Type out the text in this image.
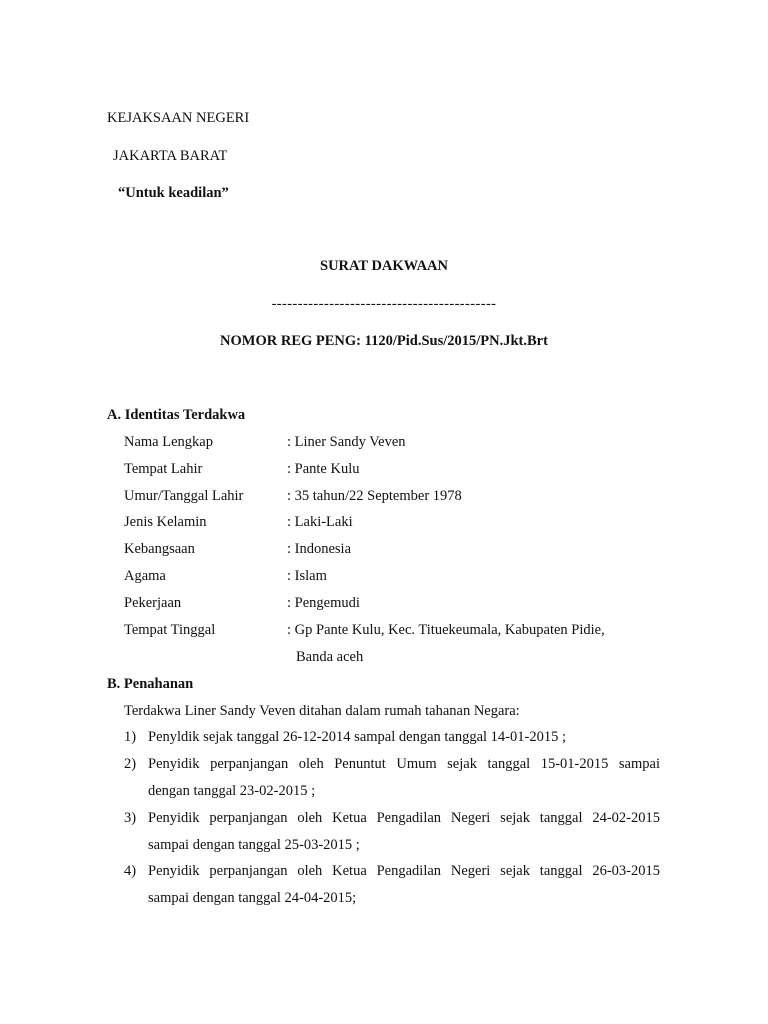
KEJAKSAAN NEGERI
JAKARTA BARAT
“Untuk keadilan”
SURAT DAKWAAN
-------------------------------------------
NOMOR REG PENG: 1120/Pid.Sus/2015/PN.Jkt.Brt
A. Identitas Terdakwa
Nama Lengkap	: Liner Sandy Veven
Tempat Lahir	: Pante Kulu
Umur/Tanggal Lahir	: 35 tahun/22 September 1978
Jenis Kelamin	: Laki-Laki
Kebangsaan	: Indonesia
Agama	: Islam
Pekerjaan	: Pengemudi
Tempat Tinggal	: Gp Pante Kulu, Kec. Tituekeumala, Kabupaten Pidie,
Banda aceh
B. Penahanan
Terdakwa Liner Sandy Veven ditahan dalam rumah tahanan Negara:
1) Penyldik sejak tanggal 26-12-2014 sampal dengan tanggal 14-01-2015 ;
2) Penyidik perpanjangan oleh Penuntut Umum sejak tanggal 15-01-2015 sampai
dengan tanggal 23-02-2015 ;
3) Penyidik perpanjangan oleh Ketua Pengadilan Negeri sejak tanggal 24-02-2015
sampai dengan tanggal 25-03-2015 ;
4) Penyidik perpanjangan oleh Ketua Pengadilan Negeri sejak tanggal 26-03-2015
sampai dengan tanggal 24-04-2015;
